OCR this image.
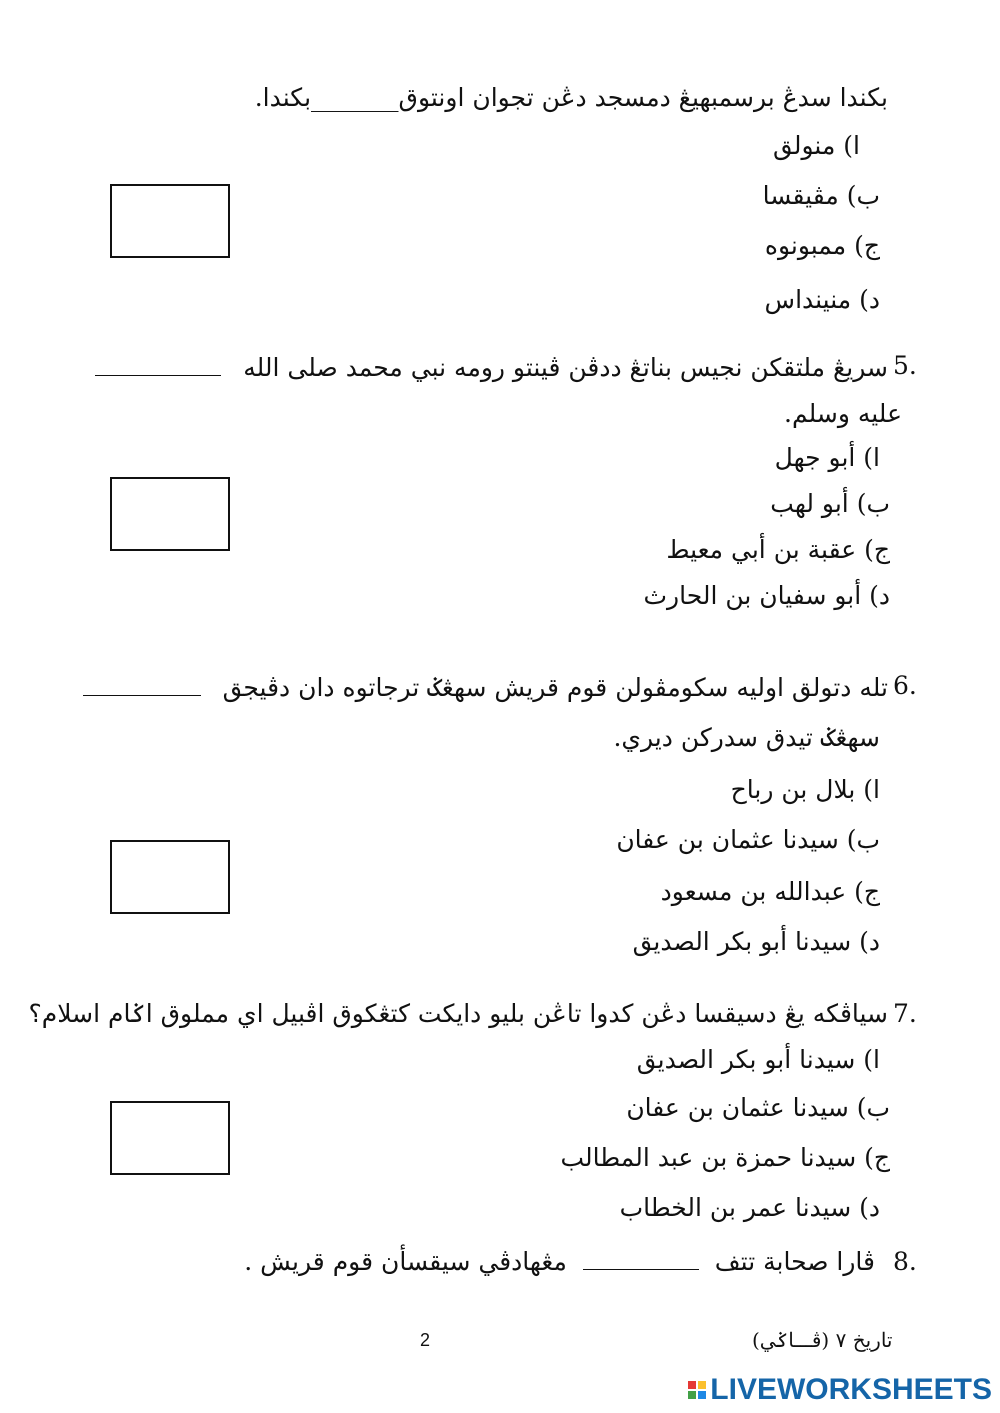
بكندا سدڠ برسمبهيڠ دمسجد دڠن تجوان اونتوق_______بكندا.
ا) منولق
ب) مڤيقسا
ج) ممبونوه
د) منينداس
5.
سريڠ ملتقكن نجيس بناتڠ ددڤن ڤينتو رومه نبي محمد صلى الله
عليه وسلم.
ا) أبو جهل
ب) أبو لهب
ج) عقبة بن أبي معيط
د) أبو سفيان بن الحارث
6.
تله دتولق اوليه سكومڤولن قوم قريش سهڠݢ ترجاتوه دان دڤيجق
سهڠݢ تيدق سدركن ديري.
ا) بلال بن رباح
ب) سيدنا عثمان بن عفان
ج) عبدالله بن مسعود
د) سيدنا أبو بكر الصديق
7.
سياڤكه يڠ دسيقسا دڠن كدوا تاڠن بليو دايكت كتڠكوق اڤبيل اي مملوق اݢام اسلام؟
ا) سيدنا أبو بكر الصديق
ب) سيدنا عثمان بن عفان
ج) سيدنا حمزة بن عبد المطالب
د) سيدنا عمر بن الخطاب
8.
ڤارا صحابة تتف  مڠهادڤي سيقسأن قوم قريش .
تاريخ ٧ (ڤـــاݢي)
2
LIVEWORKSHEETS
